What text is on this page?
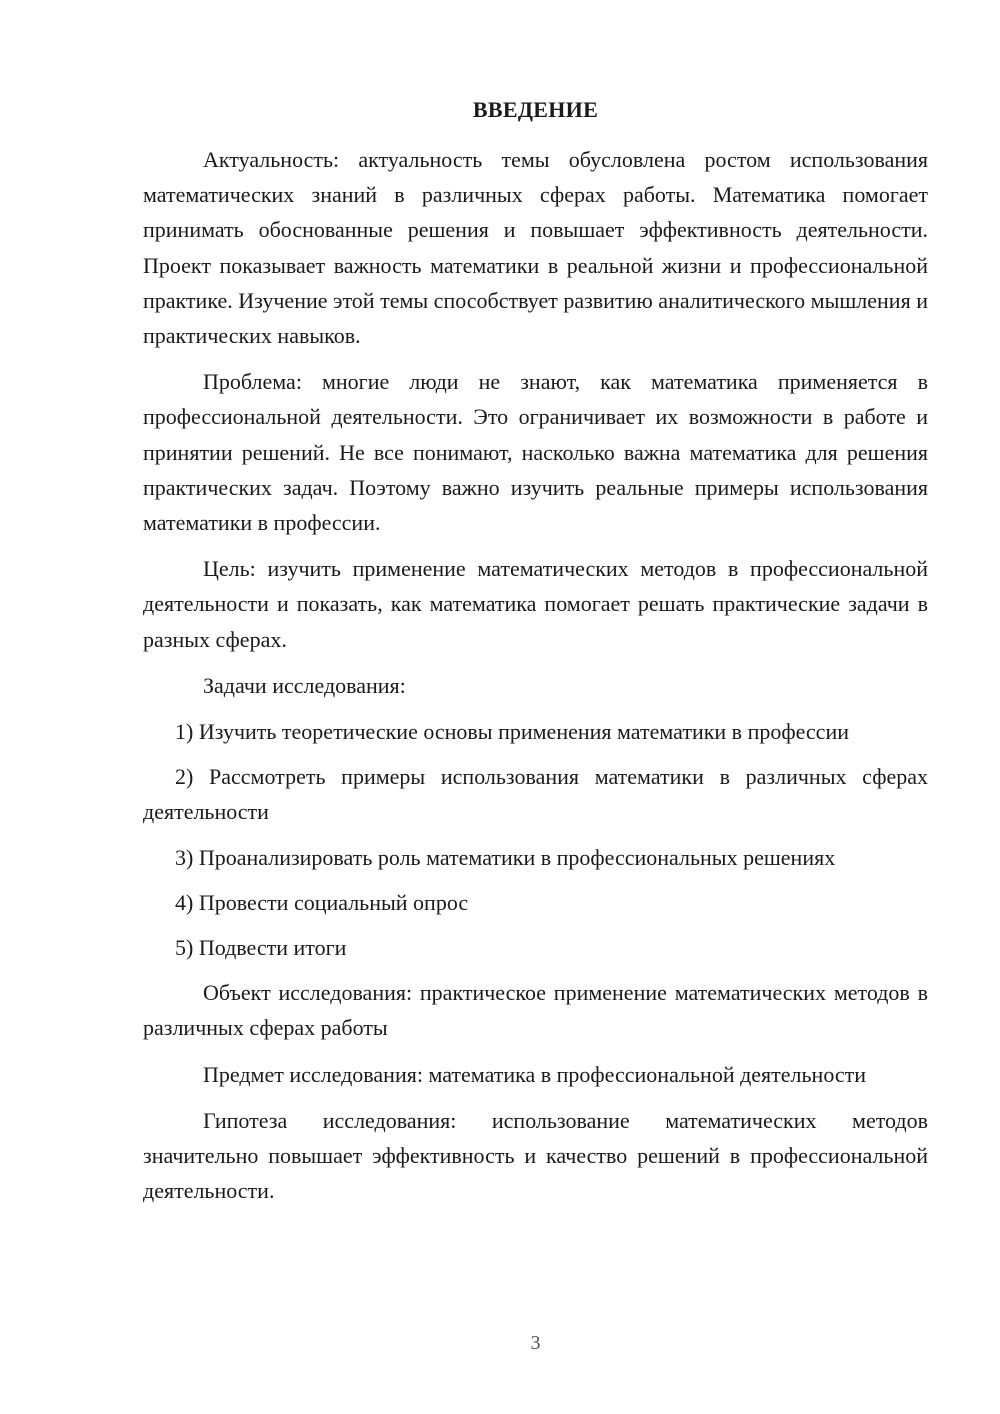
ВВЕДЕНИЕ

Актуальность: актуальность темы обусловлена ростом использования математических знаний в различных сферах работы. Математика помогает принимать обоснованные решения и повышает эффективность деятельности. Проект показывает важность математики в реальной жизни и профессиональной практике. Изучение этой темы способствует развитию аналитического мышления и практических навыков.

Проблема: многие люди не знают, как математика применяется в профессиональной деятельности. Это ограничивает их возможности в работе и принятии решений. Не все понимают, насколько важна математика для решения практических задач. Поэтому важно изучить реальные примеры использования математики в профессии.

Цель: изучить применение математических методов в профессиональной деятельности и показать, как математика помогает решать практические задачи в разных сферах.

Задачи исследования:

1) Изучить теоретические основы применения математики в профессии

2) Рассмотреть примеры использования математики в различных сферах деятельности

3) Проанализировать роль математики в профессиональных решениях

4) Провести социальный опрос

5) Подвести итоги

Объект исследования: практическое применение математических методов в различных сферах работы

Предмет исследования: математика в профессиональной деятельности

Гипотеза исследования: использование математических методов значительно повышает эффективность и качество решений в профессиональной деятельности.

3
